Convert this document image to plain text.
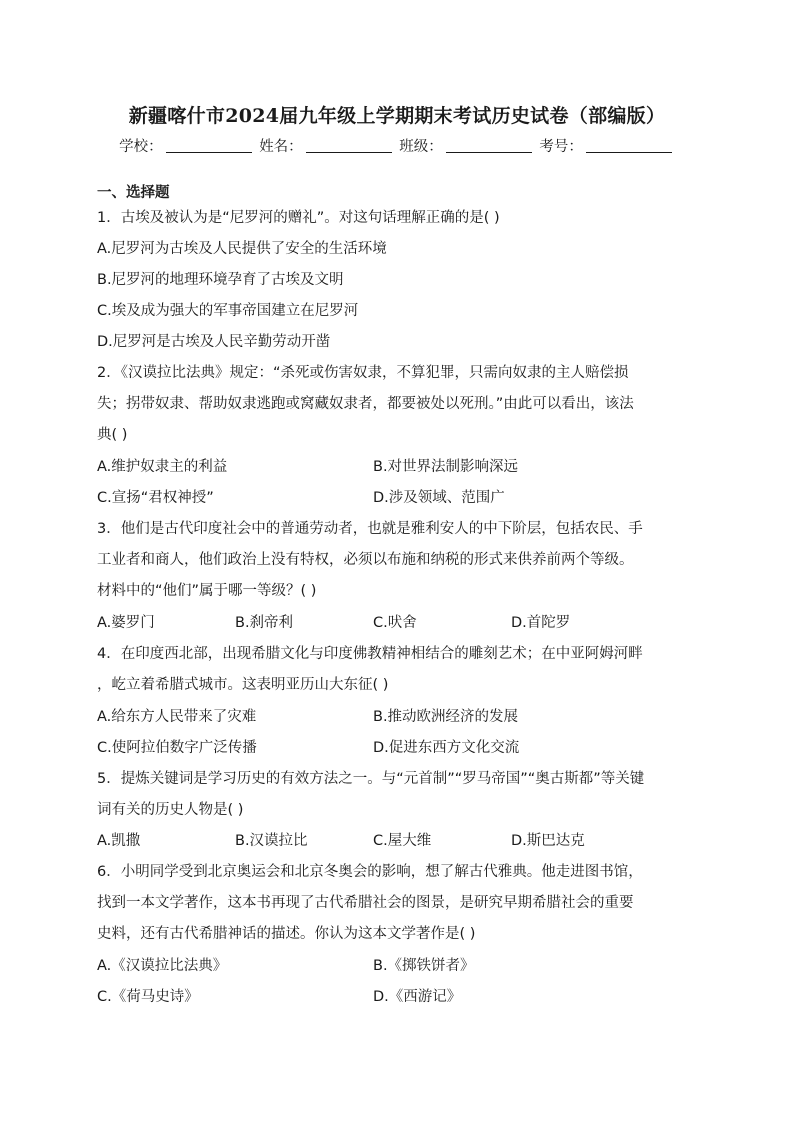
新疆喀什市2024届九年级上学期期末考试历史试卷（部编版）
学校：	姓名：	班级：	考号：
一、选择题
1．古埃及被认为是“尼罗河的赠礼”。对这句话理解正确的是( )
A.尼罗河为古埃及人民提供了安全的生活环境
B.尼罗河的地理环境孕育了古埃及文明
C.埃及成为强大的军事帝国建立在尼罗河
D.尼罗河是古埃及人民辛勤劳动开凿
2．《汉谟拉比法典》规定：“杀死或伤害奴隶，不算犯罪，只需向奴隶的主人赔偿损
失；拐带奴隶、帮助奴隶逃跑或窝藏奴隶者，都要被处以死刑。”由此可以看出，该法
典( )
A.维护奴隶主的利益	B.对世界法制影响深远
C.宣扬“君权神授”	D.涉及领域、范围广
3．他们是古代印度社会中的普通劳动者，也就是雅利安人的中下阶层，包括农民、手
工业者和商人，他们政治上没有特权，必须以布施和纳税的形式来供养前两个等级。
材料中的“他们”属于哪一等级？( )
A.婆罗门	B.刹帝利	C.吠舍	D.首陀罗
4．在印度西北部，出现希腊文化与印度佛教精神相结合的雕刻艺术；在中亚阿姆河畔
，屹立着希腊式城市。这表明亚历山大东征( )
A.给东方人民带来了灾难	B.推动欧洲经济的发展
C.使阿拉伯数字广泛传播	D.促进东西方文化交流
5．提炼关键词是学习历史的有效方法之一。与“元首制”“罗马帝国”“奥古斯都”等关键
词有关的历史人物是( )
A.凯撒	B.汉谟拉比	C.屋大维	D.斯巴达克
6．小明同学受到北京奥运会和北京冬奥会的影响，想了解古代雅典。他走进图书馆，
找到一本文学著作，这本书再现了古代希腊社会的图景，是研究早期希腊社会的重要
史料，还有古代希腊神话的描述。你认为这本文学著作是( )
A.《汉谟拉比法典》	B.《掷铁饼者》
C.《荷马史诗》	D.《西游记》
